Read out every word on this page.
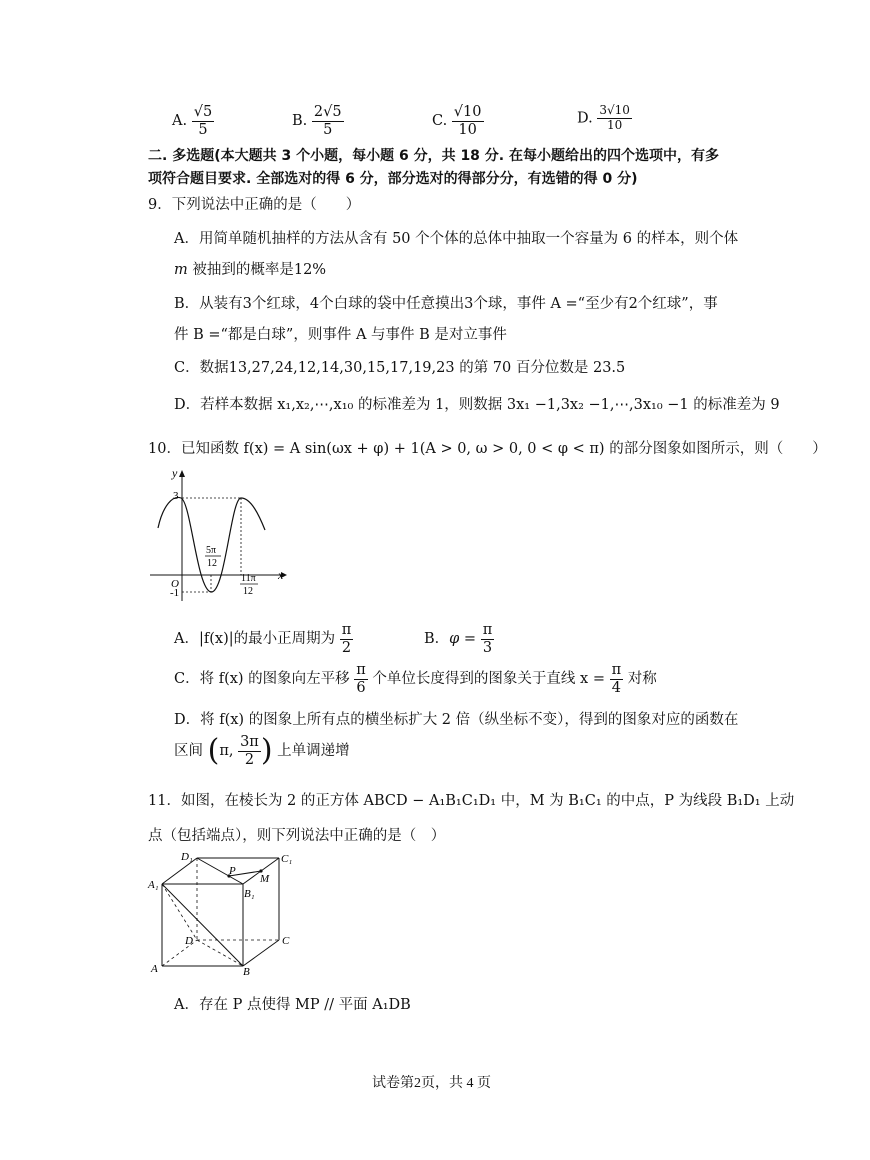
A. $\frac{√5}{5}$	B. $\frac{2√5}{5}$	C. $\frac{√10}{10}$	D. $\frac{3√10}{10}$
二. 多选题(本大题共 3 个小题，每小题 6 分，共 18 分. 在每小题给出的四个选项中，有多
项符合题目要求. 全部选对的得 6 分，部分选对的得部分分，有选错的得 0 分)
9．下列说法中正确的是（　　）
A．用简单随机抽样的方法从含有 50 个个体的总体中抽取一个容量为 6 的样本，则个体
m 被抽到的概率是12%
B．从装有3个红球，4个白球的袋中任意摸出3个球，事件 A =“至少有2个红球”，事
件 B =“都是白球”，则事件 A 与事件 B 是对立事件
C．数据13,27,24,12,14,30,15,17,19,23 的第 70 百分位数是 23.5
D．若样本数据 x₁,x₂,⋯,x₁₀ 的标准差为 1，则数据 3x₁ −1,3x₂ −1,⋯,3x₁₀ −1 的标准差为 9
10．已知函数 f(x) = A sin(ωx + φ) + 1(A > 0, ω > 0, 0 < φ < π) 的部分图象如图所示，则（　　）
y
x
O
3
-1
5π
12
11π
12
A．|f(x)|的最小正周期为 $\frac{\pi}{2}$	B．$\varphi = \frac{\pi}{3}$
C．将 f(x) 的图象向左平移 $\frac{\pi}{6}$ 个单位长度得到的图象关于直线 $x = \frac{\pi}{4}$ 对称
D．将 f(x) 的图象上所有点的横坐标扩大 2 倍（纵坐标不变），得到的图象对应的函数在
区间 (π, $\frac{3\pi}{2}$ ) 上单调递增
11．如图，在棱长为 2 的正方体 ABCD − A₁B₁C₁D₁ 中，M 为 B₁C₁ 的中点，P 为线段 B₁D₁ 上动
点（包括端点），则下列说法中正确的是（　）
D₁	C₁
A₁
B₁
P
M
D	C
A	B
A．存在 P 点使得 MP // 平面 A₁DB
试卷第2页，共 4 页
